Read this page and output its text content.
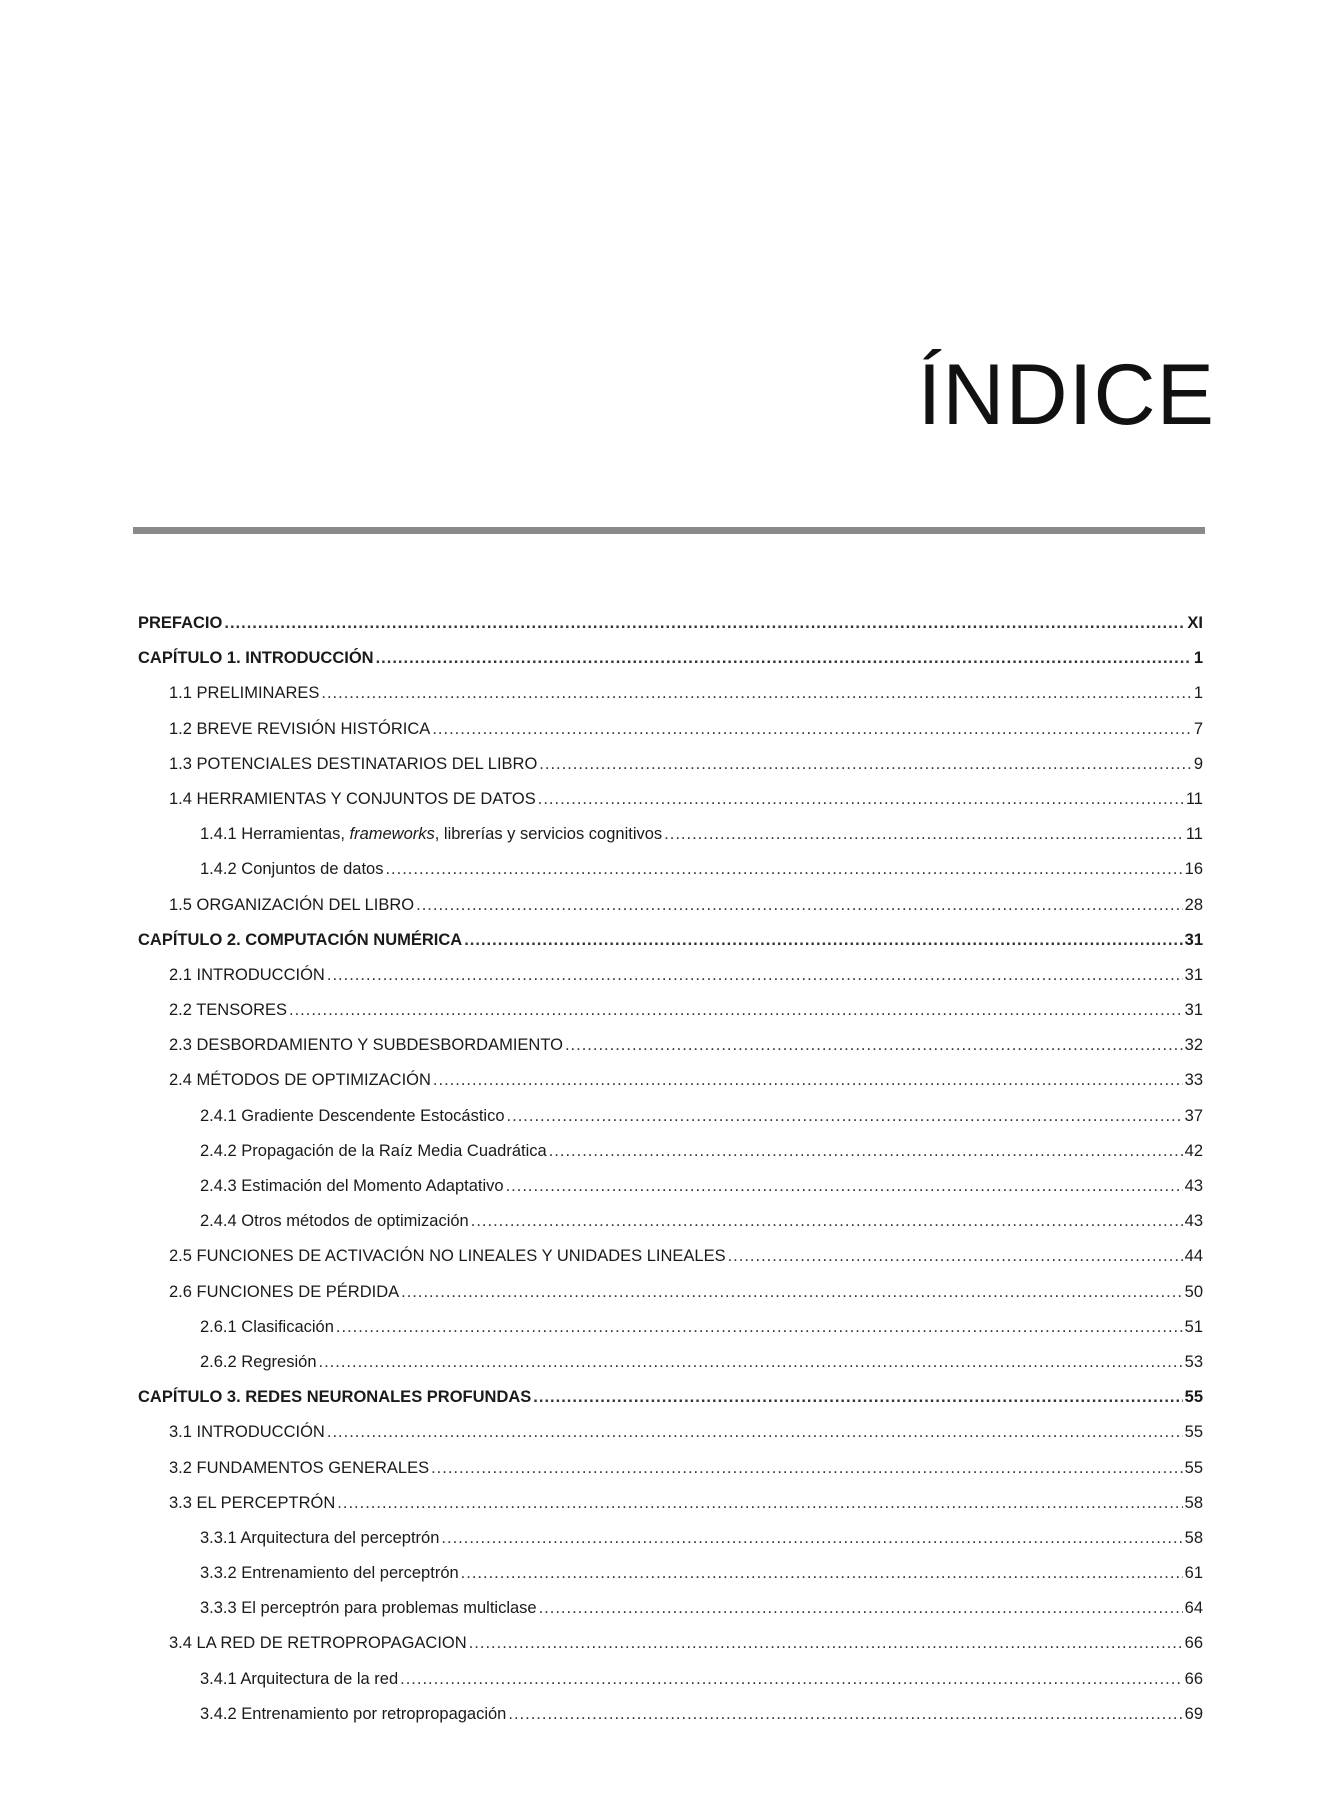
ÍNDICE
PREFACIO .....	XI
CAPÍTULO 1. INTRODUCCIÓN .....	1
1.1 PRELIMINARES .....	1
1.2 BREVE REVISIÓN HISTÓRICA .....	7
1.3 POTENCIALES DESTINATARIOS DEL LIBRO .....	9
1.4 HERRAMIENTAS Y CONJUNTOS DE DATOS .....	11
1.4.1 Herramientas, frameworks, librerías y servicios cognitivos .....	11
1.4.2 Conjuntos de datos .....	16
1.5 ORGANIZACIÓN DEL LIBRO .....	28
CAPÍTULO 2. COMPUTACIÓN NUMÉRICA .....	31
2.1 INTRODUCCIÓN .....	31
2.2 TENSORES .....	31
2.3 DESBORDAMIENTO Y SUBDESBORDAMIENTO .....	32
2.4 MÉTODOS DE OPTIMIZACIÓN .....	33
2.4.1 Gradiente Descendente Estocástico .....	37
2.4.2 Propagación de la Raíz Media Cuadrática .....	42
2.4.3 Estimación del Momento Adaptativo .....	43
2.4.4 Otros métodos de optimización .....	43
2.5 FUNCIONES DE ACTIVACIÓN NO LINEALES Y UNIDADES LINEALES .....	44
2.6 FUNCIONES DE PÉRDIDA .....	50
2.6.1 Clasificación .....	51
2.6.2 Regresión .....	53
CAPÍTULO 3. REDES NEURONALES PROFUNDAS .....	55
3.1 INTRODUCCIÓN .....	55
3.2 FUNDAMENTOS GENERALES .....	55
3.3 EL PERCEPTRÓN .....	58
3.3.1 Arquitectura del perceptrón .....	58
3.3.2 Entrenamiento del perceptrón .....	61
3.3.3 El perceptrón para problemas multiclase .....	64
3.4 LA RED DE RETROPROPAGACION .....	66
3.4.1 Arquitectura de la red .....	66
3.4.2 Entrenamiento por retropropagación .....	69
